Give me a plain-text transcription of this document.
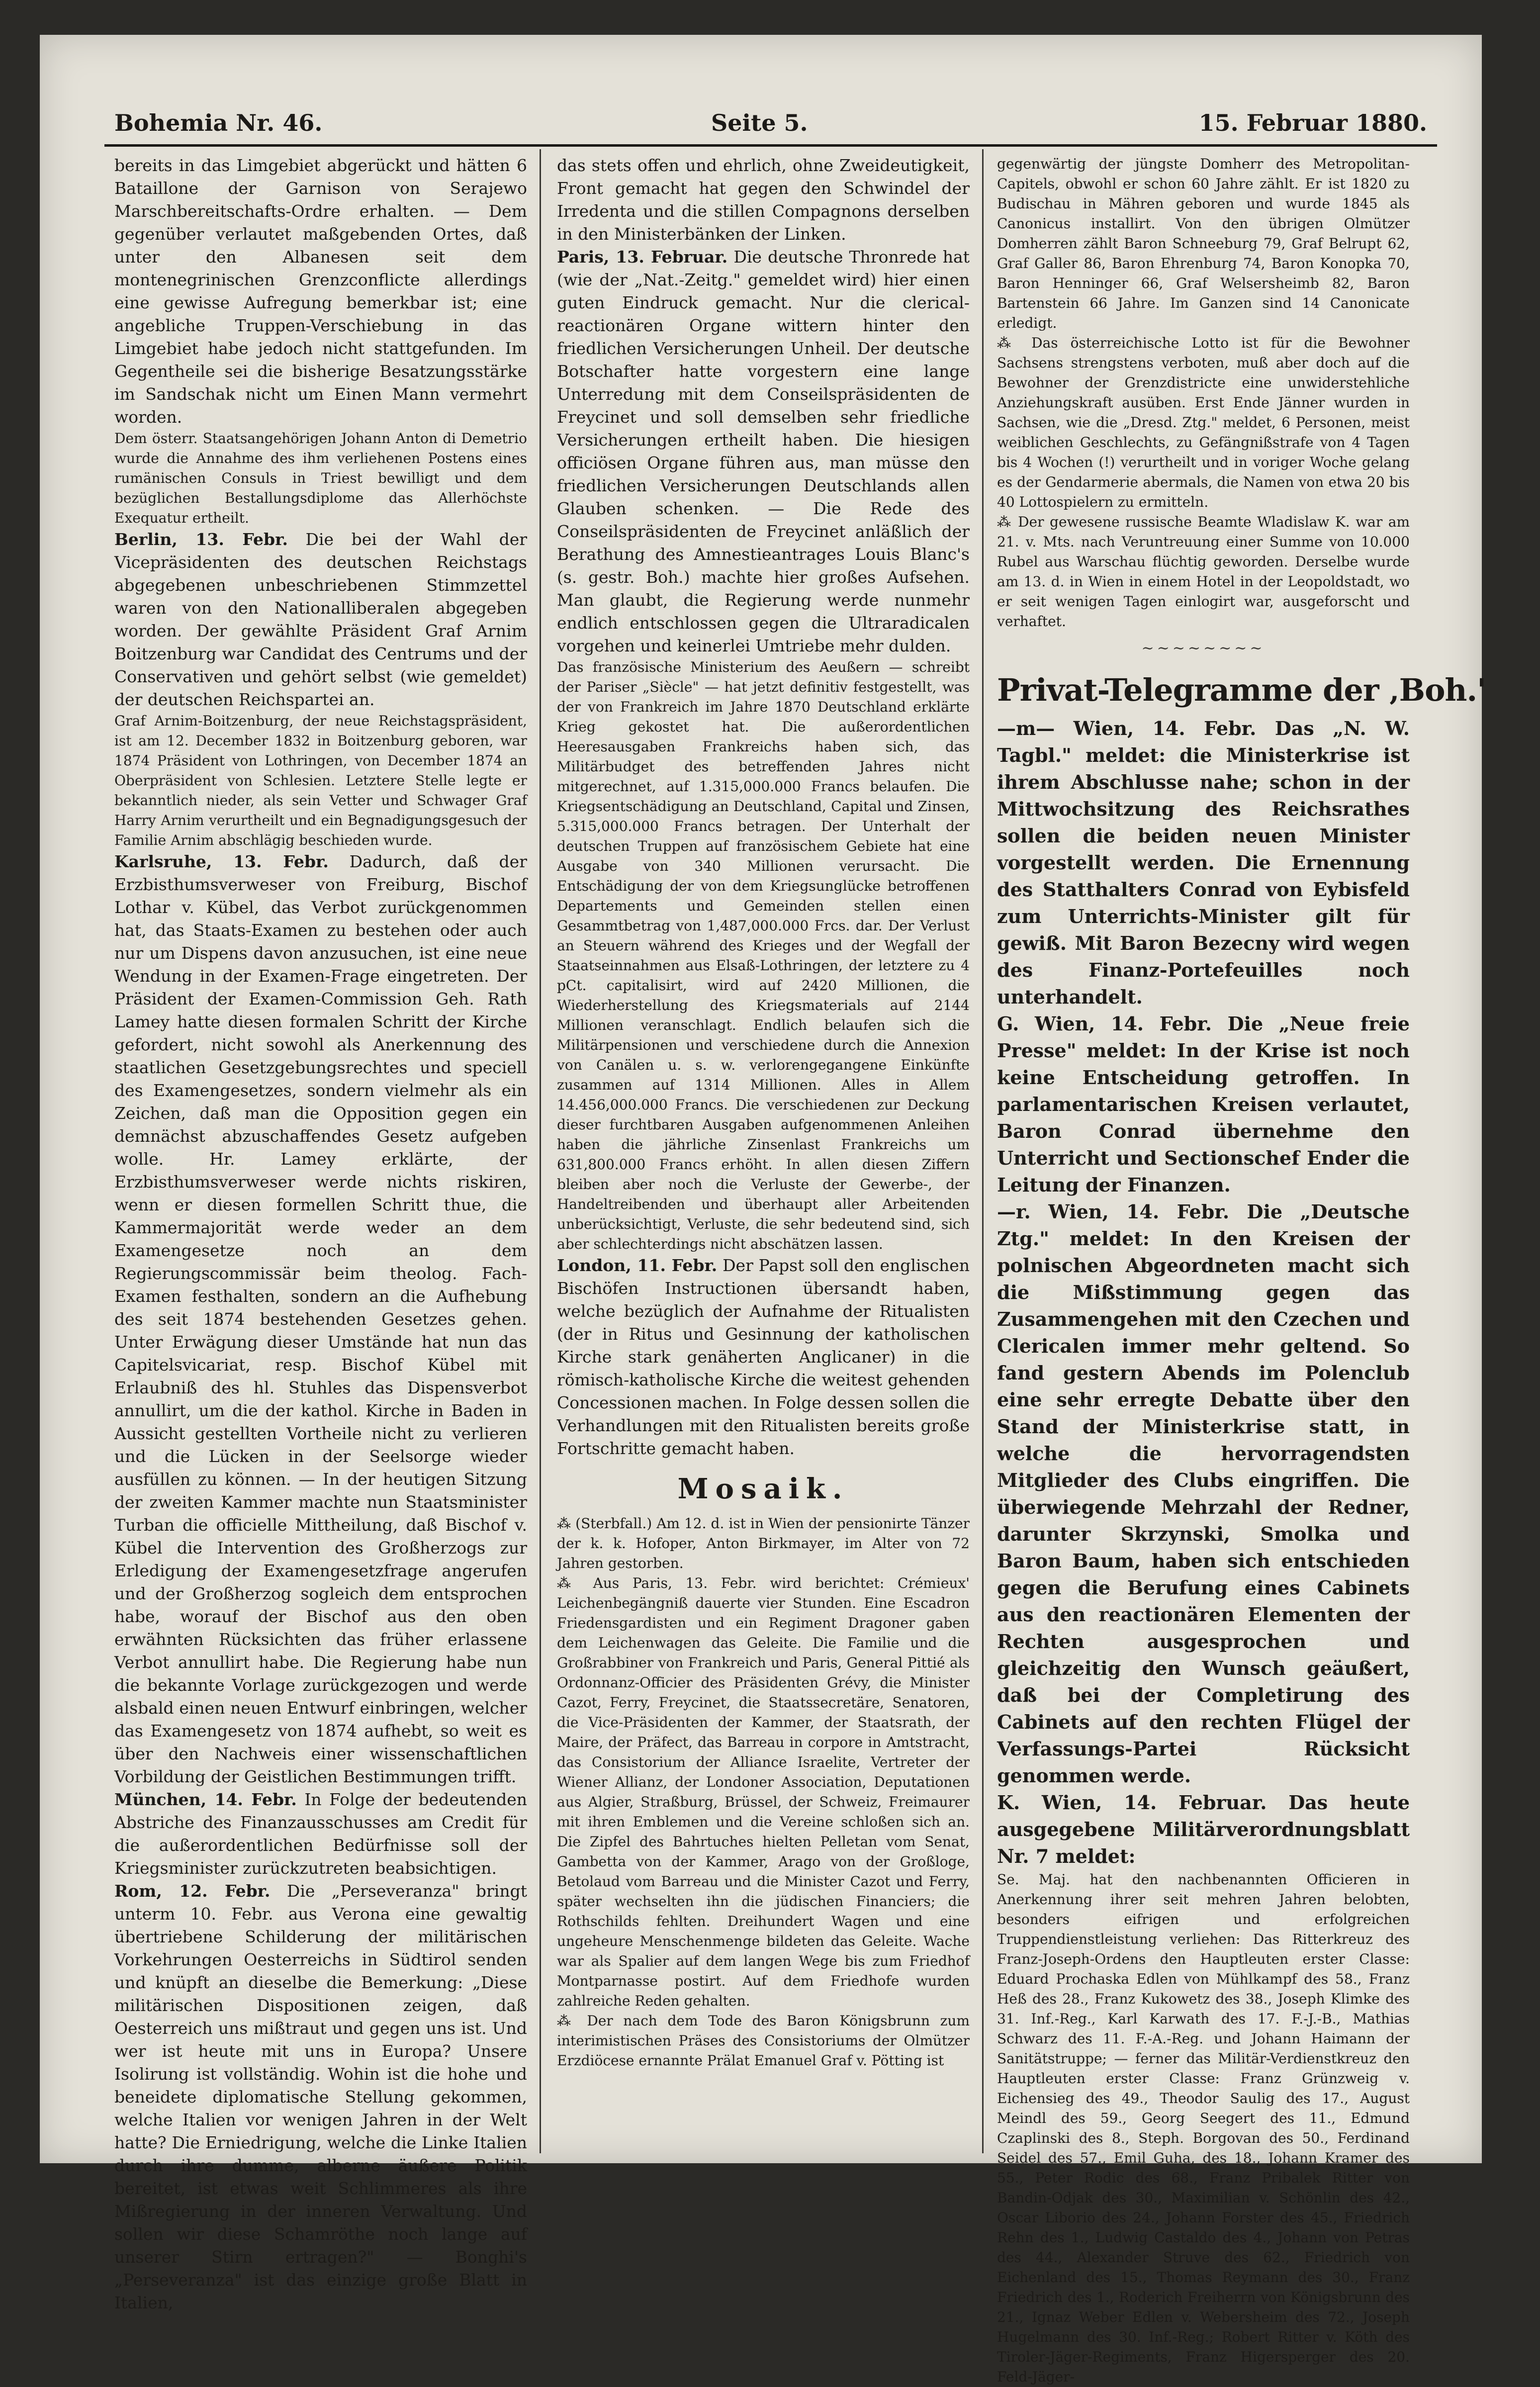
Bohemia Nr. 46.	Seite 5.	15. Februar 1880.

bereits in das Limgebiet abgerückt und hätten 6 Bataillone der Garnison von Serajewo Marschbereitschafts-Ordre erhalten. — Dem gegenüber verlautet maßgebenden Ortes, daß unter den Albanesen seit dem montenegrinischen Grenzconflicte allerdings eine gewisse Aufregung bemerkbar ist; eine angebliche Truppen-Verschiebung in das Limgebiet habe jedoch nicht stattgefunden. Im Gegentheile sei die bisherige Besatzungsstärke im Sandschak nicht um Einen Mann vermehrt worden.

Dem österr. Staatsangehörigen Johann Anton di Demetrio wurde die Annahme des ihm verliehenen Postens eines rumänischen Consuls in Triest bewilligt und dem bezüglichen Bestallungsdiplome das Allerhöchste Exequatur ertheilt.

Berlin, 13. Febr. Die bei der Wahl der Vicepräsidenten des deutschen Reichstags abgegebenen unbeschriebenen Stimmzettel waren von den Nationalliberalen abgegeben worden. Der gewählte Präsident Graf Arnim Boitzenburg war Candidat des Centrums und der Conservativen und gehört selbst (wie gemeldet) der deutschen Reichspartei an.

Graf Arnim-Boitzenburg, der neue Reichstagspräsident, ist am 12. December 1832 in Boitzenburg geboren, war 1874 Präsident von Lothringen, von December 1874 an Oberpräsident von Schlesien. Letztere Stelle legte er bekanntlich nieder, als sein Vetter und Schwager Graf Harry Arnim verurtheilt und ein Begnadigungsgesuch der Familie Arnim abschlägig beschieden wurde.

Karlsruhe, 13. Febr. Dadurch, daß der Erzbisthumsverweser von Freiburg, Bischof Lothar v. Kübel, das Verbot zurückgenommen hat, das Staats-Examen zu bestehen oder auch nur um Dispens davon anzusuchen, ist eine neue Wendung in der Examen-Frage eingetreten. Der Präsident der Examen-Commission Geh. Rath Lamey hatte diesen formalen Schritt der Kirche gefordert, nicht sowohl als Anerkennung des staatlichen Gesetzgebungsrechtes und speciell des Examengesetzes, sondern vielmehr als ein Zeichen, daß man die Opposition gegen ein demnächst abzuschaffendes Gesetz aufgeben wolle. Hr. Lamey erklärte, der Erzbisthumsverweser werde nichts riskiren, wenn er diesen formellen Schritt thue, die Kammermajorität werde weder an dem Examengesetze noch an dem Regierungscommissär beim theolog. Fach-Examen festhalten, sondern an die Aufhebung des seit 1874 bestehenden Gesetzes gehen. Unter Erwägung dieser Umstände hat nun das Capitelsvicariat, resp. Bischof Kübel mit Erlaubniß des hl. Stuhles das Dispensverbot annullirt, um die der kathol. Kirche in Baden in Aussicht gestellten Vortheile nicht zu verlieren und die Lücken in der Seelsorge wieder ausfüllen zu können. — In der heutigen Sitzung der zweiten Kammer machte nun Staatsminister Turban die officielle Mittheilung, daß Bischof v. Kübel die Intervention des Großherzogs zur Erledigung der Examengesetzfrage angerufen und der Großherzog sogleich dem entsprochen habe, worauf der Bischof aus den oben erwähnten Rücksichten das früher erlassene Verbot annullirt habe. Die Regierung habe nun die bekannte Vorlage zurückgezogen und werde alsbald einen neuen Entwurf einbringen, welcher das Examengesetz von 1874 aufhebt, so weit es über den Nachweis einer wissenschaftlichen Vorbildung der Geistlichen Bestimmungen trifft.

München, 14. Febr. In Folge der bedeutenden Abstriche des Finanzausschusses am Credit für die außerordentlichen Bedürfnisse soll der Kriegsminister zurückzutreten beabsichtigen.

Rom, 12. Febr. Die „Perseveranza" bringt unterm 10. Febr. aus Verona eine gewaltig übertriebene Schilderung der militärischen Vorkehrungen Oesterreichs in Südtirol senden und knüpft an dieselbe die Bemerkung: „Diese militärischen Dispositionen zeigen, daß Oesterreich uns mißtraut und gegen uns ist. Und wer ist heute mit uns in Europa? Unsere Isolirung ist vollständig. Wohin ist die hohe und beneidete diplomatische Stellung gekommen, welche Italien vor wenigen Jahren in der Welt hatte? Die Erniedrigung, welche die Linke Italien durch ihre dumme, alberne äußere Politik bereitet, ist etwas weit Schlimmeres als ihre Mißregierung in der inneren Verwaltung. Und sollen wir diese Schamröthe noch lange auf unserer Stirn ertragen?" — Bonghi's „Perseveranza" ist das einzige große Blatt in Italien,

das stets offen und ehrlich, ohne Zweideutigkeit, Front gemacht hat gegen den Schwindel der Irredenta und die stillen Compagnons derselben in den Ministerbänken der Linken.

Paris, 13. Februar. Die deutsche Thronrede hat (wie der „Nat.-Zeitg." gemeldet wird) hier einen guten Eindruck gemacht. Nur die clerical-reactionären Organe wittern hinter den friedlichen Versicherungen Unheil. Der deutsche Botschafter hatte vorgestern eine lange Unterredung mit dem Conseilspräsidenten de Freycinet und soll demselben sehr friedliche Versicherungen ertheilt haben. Die hiesigen officiösen Organe führen aus, man müsse den friedlichen Versicherungen Deutschlands allen Glauben schenken. — Die Rede des Conseilspräsidenten de Freycinet anläßlich der Berathung des Amnestieantrages Louis Blanc's (s. gestr. Boh.) machte hier großes Aufsehen. Man glaubt, die Regierung werde nunmehr endlich entschlossen gegen die Ultraradicalen vorgehen und keinerlei Umtriebe mehr dulden.

Das französische Ministerium des Aeußern — schreibt der Pariser „Siècle" — hat jetzt definitiv festgestellt, was der von Frankreich im Jahre 1870 Deutschland erklärte Krieg gekostet hat. Die außerordentlichen Heeresausgaben Frankreichs haben sich, das Militärbudget des betreffenden Jahres nicht mitgerechnet, auf 1.315,000.000 Francs belaufen. Die Kriegsentschädigung an Deutschland, Capital und Zinsen, 5.315,000.000 Francs betragen. Der Unterhalt der deutschen Truppen auf französischem Gebiete hat eine Ausgabe von 340 Millionen verursacht. Die Entschädigung der von dem Kriegsunglücke betroffenen Departements und Gemeinden stellen einen Gesammtbetrag von 1,487,000.000 Frcs. dar. Der Verlust an Steuern während des Krieges und der Wegfall der Staatseinnahmen aus Elsaß-Lothringen, der letztere zu 4 pCt. capitalisirt, wird auf 2420 Millionen, die Wiederherstellung des Kriegsmaterials auf 2144 Millionen veranschlagt. Endlich belaufen sich die Militärpensionen und verschiedene durch die Annexion von Canälen u. s. w. verlorengegangene Einkünfte zusammen auf 1314 Millionen. Alles in Allem 14.456,000.000 Francs. Die verschiedenen zur Deckung dieser furchtbaren Ausgaben aufgenommenen Anleihen haben die jährliche Zinsenlast Frankreichs um 631,800.000 Francs erhöht. In allen diesen Ziffern bleiben aber noch die Verluste der Gewerbe-, der Handeltreibenden und überhaupt aller Arbeitenden unberücksichtigt, Verluste, die sehr bedeutend sind, sich aber schlechterdings nicht abschätzen lassen.

London, 11. Febr. Der Papst soll den englischen Bischöfen Instructionen übersandt haben, welche bezüglich der Aufnahme der Ritualisten (der in Ritus und Gesinnung der katholischen Kirche stark genäherten Anglicaner) in die römisch-katholische Kirche die weitest gehenden Concessionen machen. In Folge dessen sollen die Verhandlungen mit den Ritualisten bereits große Fortschritte gemacht haben.

Mosaik.

⁂ (Sterbfall.) Am 12. d. ist in Wien der pensionirte Tänzer der k. k. Hofoper, Anton Birkmayer, im Alter von 72 Jahren gestorben.

⁂ Aus Paris, 13. Febr. wird berichtet: Crémieux' Leichenbegängniß dauerte vier Stunden. Eine Escadron Friedensgardisten und ein Regiment Dragoner gaben dem Leichenwagen das Geleite. Die Familie und die Großrabbiner von Frankreich und Paris, General Pittié als Ordonnanz-Officier des Präsidenten Grévy, die Minister Cazot, Ferry, Freycinet, die Staatssecretäre, Senatoren, die Vice-Präsidenten der Kammer, der Staatsrath, der Maire, der Präfect, das Barreau in corpore in Amtstracht, das Consistorium der Alliance Israelite, Vertreter der Wiener Allianz, der Londoner Association, Deputationen aus Algier, Straßburg, Brüssel, der Schweiz, Freimaurer mit ihren Emblemen und die Vereine schloßen sich an. Die Zipfel des Bahrtuches hielten Pelletan vom Senat, Gambetta von der Kammer, Arago von der Großloge, Betolaud vom Barreau und die Minister Cazot und Ferry, später wechselten ihn die jüdischen Financiers; die Rothschilds fehlten. Dreihundert Wagen und eine ungeheure Menschenmenge bildeten das Geleite. Wache war als Spalier auf dem langen Wege bis zum Friedhof Montparnasse postirt. Auf dem Friedhofe wurden zahlreiche Reden gehalten.

⁂ Der nach dem Tode des Baron Königsbrunn zum interimistischen Präses des Consistoriums der Olmützer Erzdiöcese ernannte Prälat Emanuel Graf v. Pötting ist

gegenwärtig der jüngste Domherr des Metropolitan-Capitels, obwohl er schon 60 Jahre zählt. Er ist 1820 zu Budischau in Mähren geboren und wurde 1845 als Canonicus installirt. Von den übrigen Olmützer Domherren zählt Baron Schneeburg 79, Graf Belrupt 62, Graf Galler 86, Baron Ehrenburg 74, Baron Konopka 70, Baron Henninger 66, Graf Welsersheimb 82, Baron Bartenstein 66 Jahre. Im Ganzen sind 14 Canonicate erledigt.

⁂ Das österreichische Lotto ist für die Bewohner Sachsens strengstens verboten, muß aber doch auf die Bewohner der Grenzdistricte eine unwiderstehliche Anziehungskraft ausüben. Erst Ende Jänner wurden in Sachsen, wie die „Dresd. Ztg." meldet, 6 Personen, meist weiblichen Geschlechts, zu Gefängnißstrafe von 4 Tagen bis 4 Wochen (!) verurtheilt und in voriger Woche gelang es der Gendarmerie abermals, die Namen von etwa 20 bis 40 Lottospielern zu ermitteln.

⁂ Der gewesene russische Beamte Wladislaw K. war am 21. v. Mts. nach Veruntreuung einer Summe von 10.000 Rubel aus Warschau flüchtig geworden. Derselbe wurde am 13. d. in Wien in einem Hotel in der Leopoldstadt, wo er seit wenigen Tagen einlogirt war, ausgeforscht und verhaftet.

~~~~~~~~
Privat-Telegramme der ‚Boh.'

—m— Wien, 14. Febr. Das „N. W. Tagbl." meldet: die Ministerkrise ist ihrem Abschlusse nahe; schon in der Mittwochsitzung des Reichsrathes sollen die beiden neuen Minister vorgestellt werden. Die Ernennung des Statthalters Conrad von Eybisfeld zum Unterrichts-Minister gilt für gewiß. Mit Baron Bezecny wird wegen des Finanz-Portefeuilles noch unterhandelt.

G. Wien, 14. Febr. Die „Neue freie Presse" meldet: In der Krise ist noch keine Entscheidung getroffen. In parlamentarischen Kreisen verlautet, Baron Conrad übernehme den Unterricht und Sectionschef Ender die Leitung der Finanzen.

—r. Wien, 14. Febr. Die „Deutsche Ztg." meldet: In den Kreisen der polnischen Abgeordneten macht sich die Mißstimmung gegen das Zusammengehen mit den Czechen und Clericalen immer mehr geltend. So fand gestern Abends im Polenclub eine sehr erregte Debatte über den Stand der Ministerkrise statt, in welche die hervorragendsten Mitglieder des Clubs eingriffen. Die überwiegende Mehrzahl der Redner, darunter Skrzynski, Smolka und Baron Baum, haben sich entschieden gegen die Berufung eines Cabinets aus den reactionären Elementen der Rechten ausgesprochen und gleichzeitig den Wunsch geäußert, daß bei der Completirung des Cabinets auf den rechten Flügel der Verfassungs-Partei Rücksicht genommen werde.

K. Wien, 14. Februar. Das heute ausgegebene Militärverordnungsblatt Nr. 7 meldet:

Se. Maj. hat den nachbenannten Officieren in Anerkennung ihrer seit mehren Jahren belobten, besonders eifrigen und erfolgreichen Truppendienstleistung verliehen: Das Ritterkreuz des Franz-Joseph-Ordens den Hauptleuten erster Classe: Eduard Prochaska Edlen von Mühlkampf des 58., Franz Heß des 28., Franz Kukowetz des 38., Joseph Klimke des 31. Inf.-Reg., Karl Karwath des 17. F.-J.-B., Mathias Schwarz des 11. F.-A.-Reg. und Johann Haimann der Sanitätstruppe; — ferner das Militär-Verdienstkreuz den Hauptleuten erster Classe: Franz Grünzweig v. Eichensieg des 49., Theodor Saulig des 17., August Meindl des 59., Georg Seegert des 11., Edmund Czaplinski des 8., Steph. Borgovan des 50., Ferdinand Seidel des 57., Emil Guha, des 18., Johann Kramer des 55., Peter Rodic des 68., Franz Pribalek Ritter von Bandin-Odjak des 30., Maximilian v. Schönlin des 42., Oscar Liborio des 24., Johann Forster des 45., Friedrich Rehn des 1., Ludwig Castaldo des 4., Johann von Petras des 44., Alexander Struve des 62., Friedrich von Eichenland des 15., Thomas Reymann des 30., Franz Friedrich des 1., Roderich Freiherrn von Königsbrunn des 21., Ignaz Weber Edlen v. Webersheim des 72., Joseph Hugelmann des 30. Inf.-Reg.; Robert Ritter v. Köth des Tiroler-Jäger-Regiments, Franz Higersperger des 20. Feld-Jäger-
